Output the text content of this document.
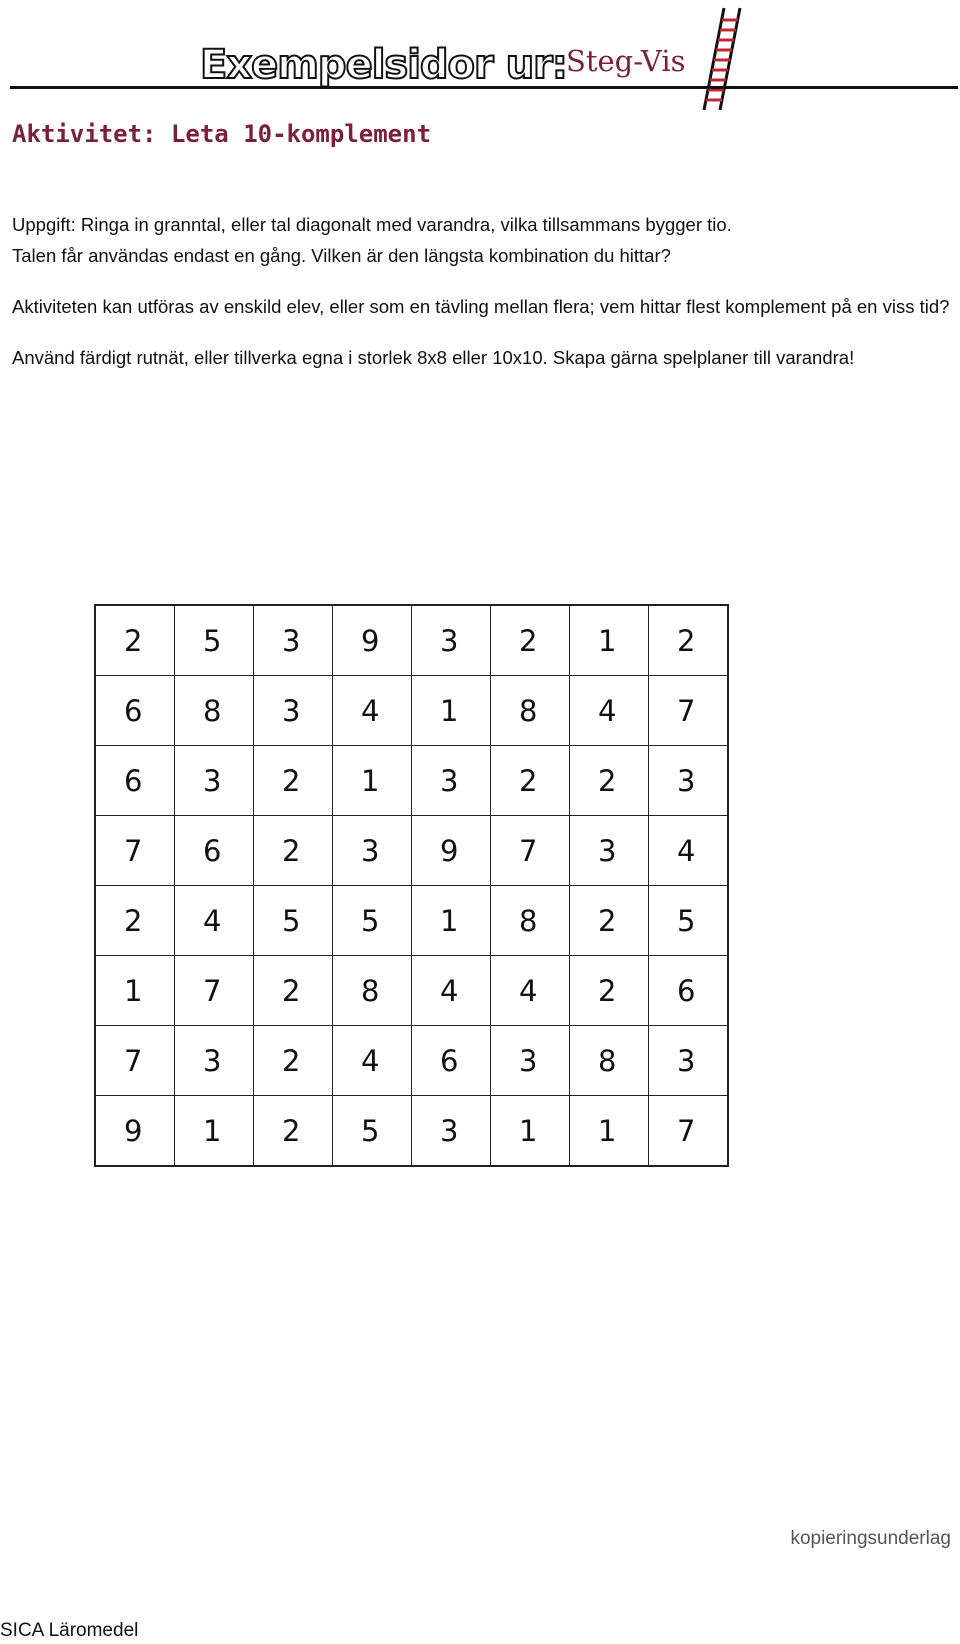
Exempelsidor ur: Steg-Vis
Aktivitet: Leta 10-komplement

Uppgift: Ringa in granntal, eller tal diagonalt med varandra, vilka tillsammans bygger tio.
Talen får användas endast en gång. Vilken är den längsta kombination du hittar?

Aktiviteten kan utföras av enskild elev, eller som en tävling mellan flera; vem hittar flest komplement på en viss tid?

Använd färdigt rutnät, eller tillverka egna i storlek 8x8 eller 10x10. Skapa gärna spelplaner till varandra!

2	5	3	9	3	2	1	2
6	8	3	4	1	8	4	7
6	3	2	1	3	2	2	3
7	6	2	3	9	7	3	4
2	4	5	5	1	8	2	5
1	7	2	8	4	4	2	6
7	3	2	4	6	3	8	3
9	1	2	5	3	1	1	7
kopieringsunderlag
SICA Läromedel
